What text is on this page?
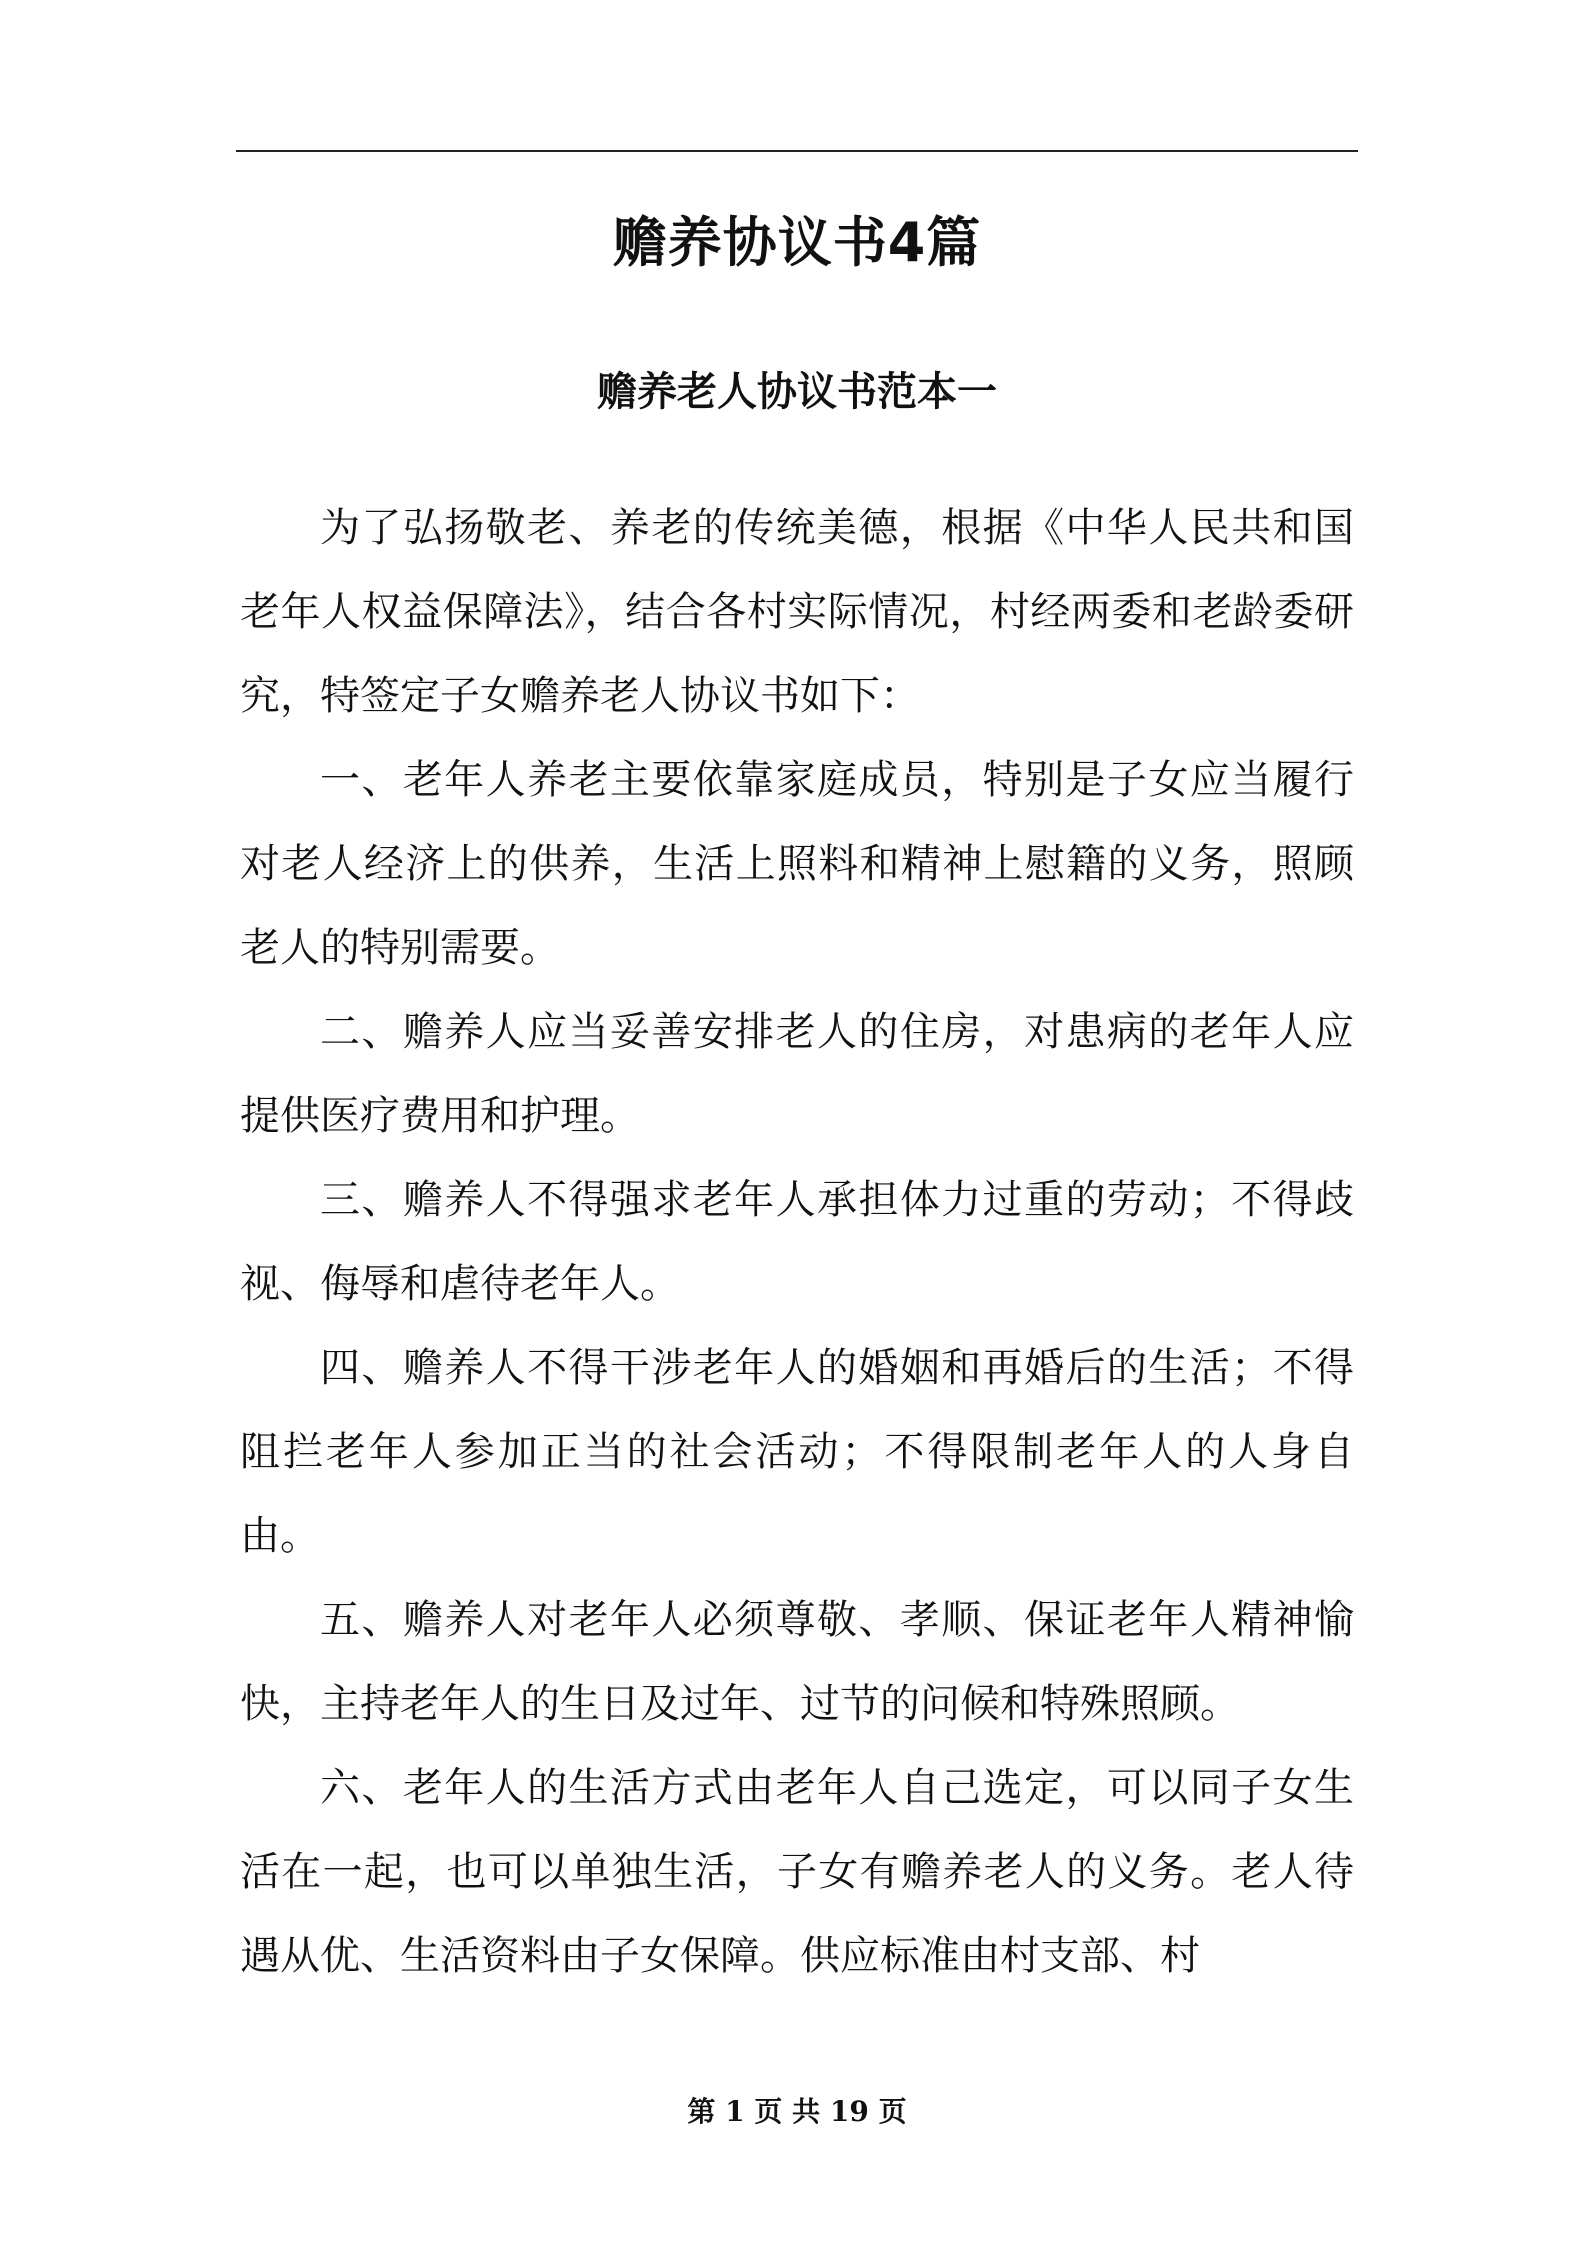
赡养协议书4篇
赡养老人协议书范本一

为了弘扬敬老、养老的传统美德，根据《中华人民共和国老年人权益保障法》，结合各村实际情况，村经两委和老龄委研究，特签定子女赡养老人协议书如下：

一、老年人养老主要依靠家庭成员，特别是子女应当履行对老人经济上的供养，生活上照料和精神上慰籍的义务，照顾老人的特别需要。

二、赡养人应当妥善安排老人的住房，对患病的老年人应提供医疗费用和护理。

三、赡养人不得强求老年人承担体力过重的劳动；不得歧视、侮辱和虐待老年人。

四、赡养人不得干涉老年人的婚姻和再婚后的生活；不得阻拦老年人参加正当的社会活动；不得限制老年人的人身自由。

五、赡养人对老年人必须尊敬、孝顺、保证老年人精神愉快，主持老年人的生日及过年、过节的问候和特殊照顾。

六、老年人的生活方式由老年人自己选定，可以同子女生活在一起，也可以单独生活，子女有赡养老人的义务。老人待遇从优、生活资料由子女保障。供应标准由村支部、村

第 1 页 共 19 页
